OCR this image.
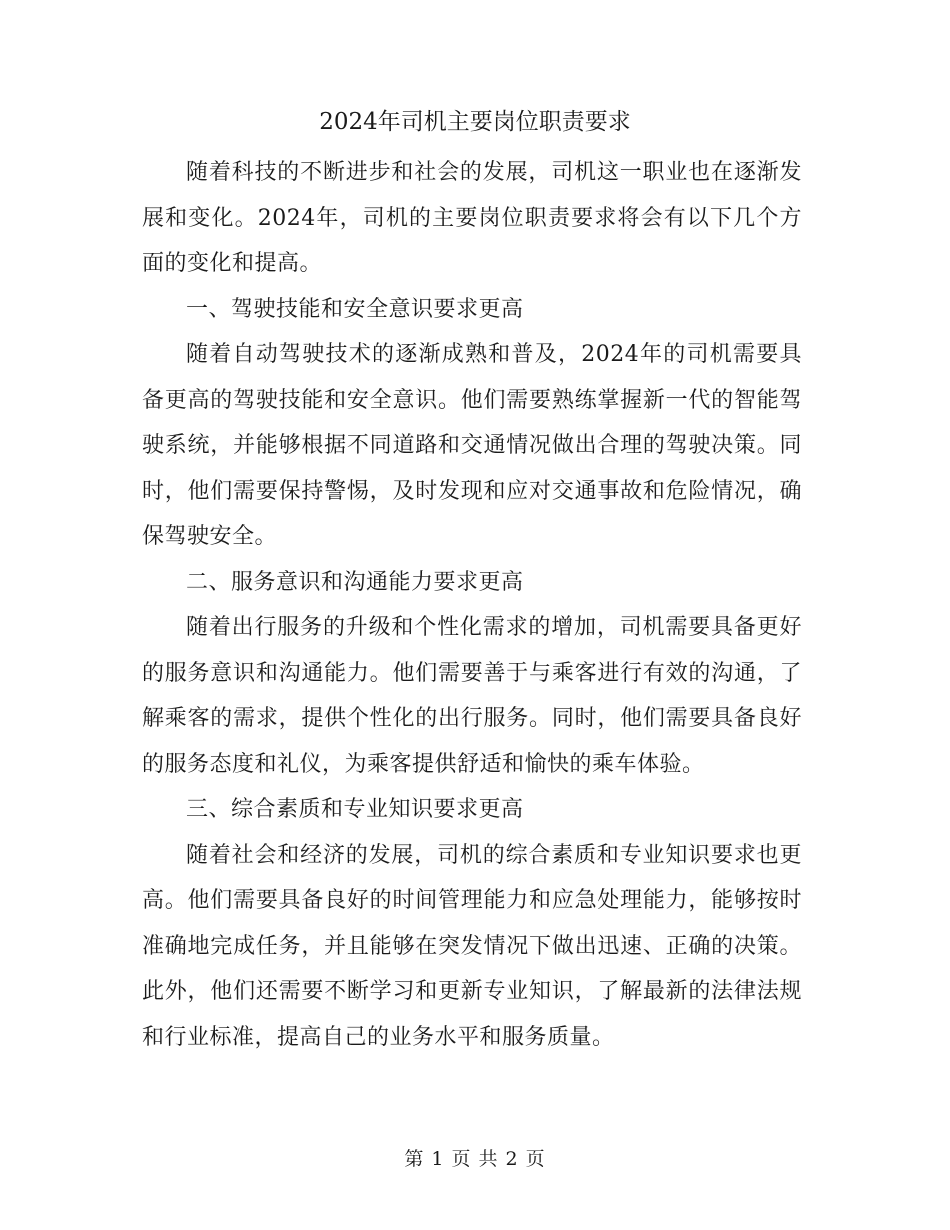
2024年司机主要岗位职责要求

随着科技的不断进步和社会的发展，司机这一职业也在逐渐发展和变化。2024年，司机的主要岗位职责要求将会有以下几个方面的变化和提高。

一、驾驶技能和安全意识要求更高

随着自动驾驶技术的逐渐成熟和普及，2024年的司机需要具备更高的驾驶技能和安全意识。他们需要熟练掌握新一代的智能驾驶系统，并能够根据不同道路和交通情况做出合理的驾驶决策。同时，他们需要保持警惕，及时发现和应对交通事故和危险情况，确保驾驶安全。

二、服务意识和沟通能力要求更高

随着出行服务的升级和个性化需求的增加，司机需要具备更好的服务意识和沟通能力。他们需要善于与乘客进行有效的沟通，了解乘客的需求，提供个性化的出行服务。同时，他们需要具备良好的服务态度和礼仪，为乘客提供舒适和愉快的乘车体验。

三、综合素质和专业知识要求更高

随着社会和经济的发展，司机的综合素质和专业知识要求也更高。他们需要具备良好的时间管理能力和应急处理能力，能够按时准确地完成任务，并且能够在突发情况下做出迅速、正确的决策。此外，他们还需要不断学习和更新专业知识，了解最新的法律法规和行业标准，提高自己的业务水平和服务质量。

第 1 页 共 2 页
